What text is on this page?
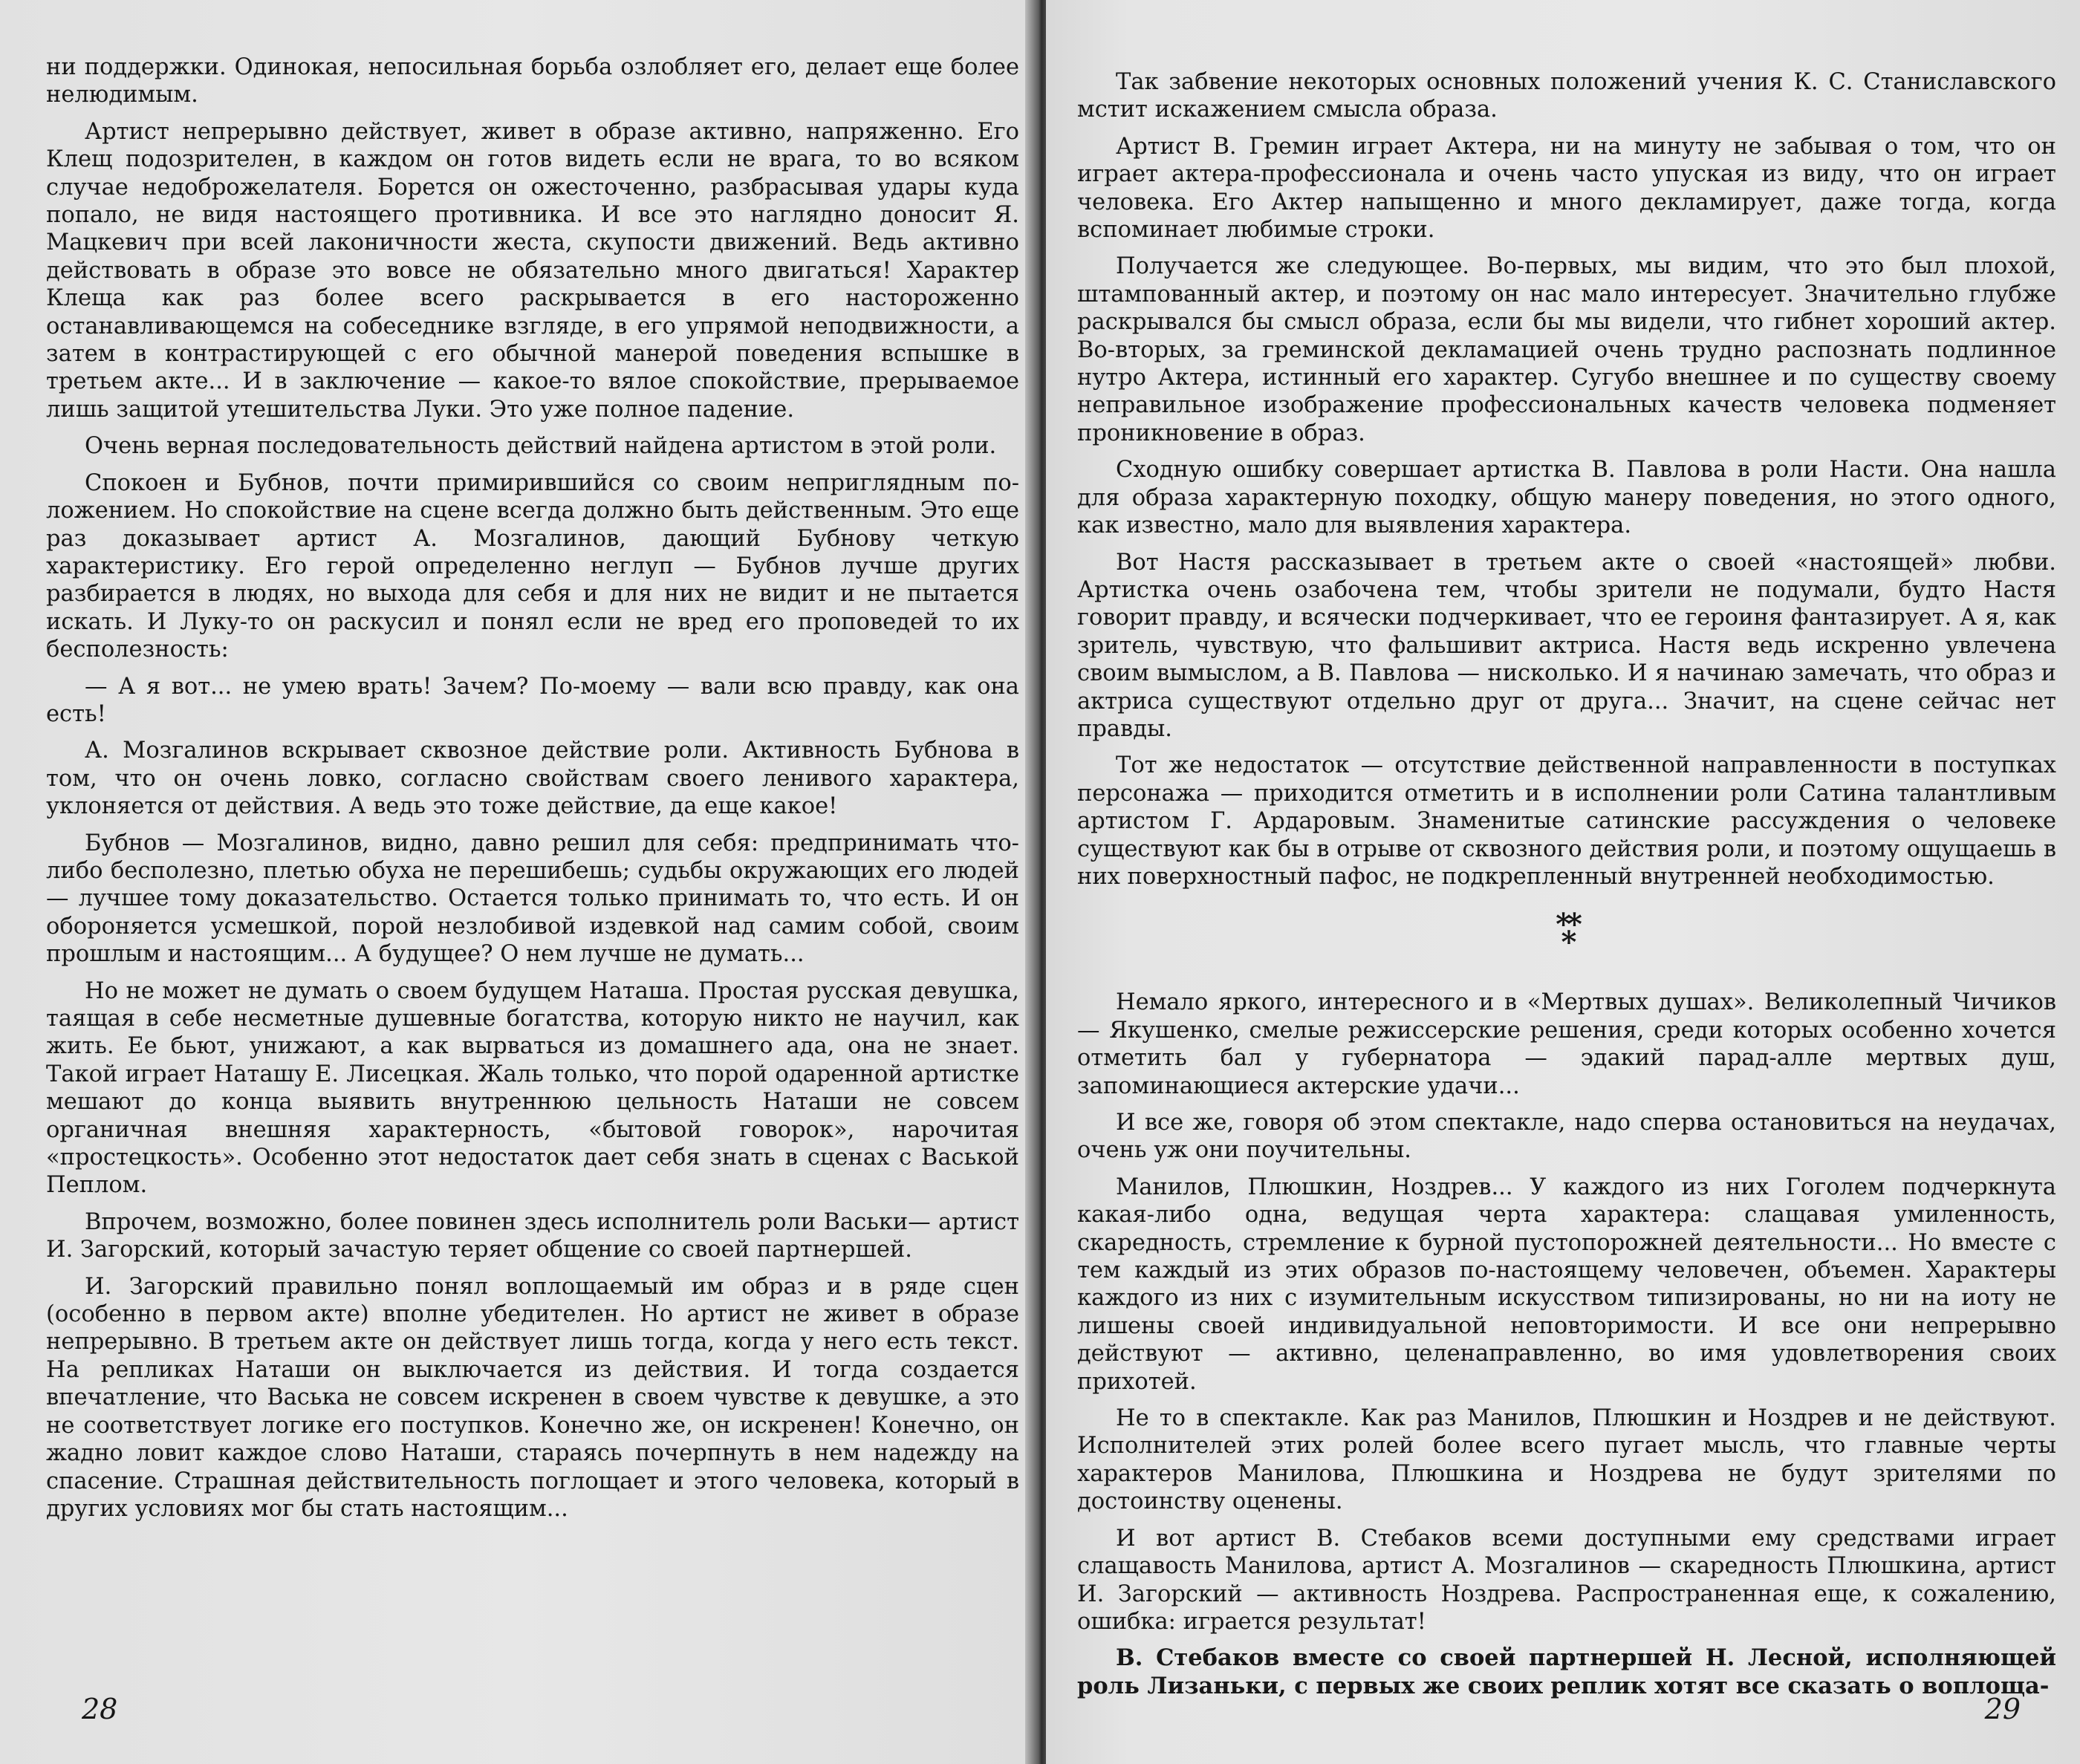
ни поддержки. Одинокая, непосильная борьба озлобляет его, делает еще более нелюдимым.

Артист непрерывно действует, живет в образе активно, напряженно. Его Клещ подозрителен, в каждом он готов видеть если не врага, то во всяком случае недоброжелателя. Борется он ожесточенно, разбрасывая удары куда попало, не видя настоящего противника. И все это наглядно доносит Я. Мацкевич при всей лаконичности жеста, скупости движений. Ведь активно действовать в образе это вовсе не обязательно много двигаться! Характер Клеща как раз более всего раскрывается в его настороженно останавливающемся на собеседнике взгляде, в его упрямой неподвижности, а затем в контрастирующей с его обычной манерой поведения вспышке в третьем акте... И в заключение — какое-то вялое спокойствие, прерываемое лишь защитой утешительства Луки. Это уже полное падение.

Очень верная последовательность действий найдена артистом в этой роли.

Спокоен и Бубнов, почти примирившийся со своим неприглядным положением. Но спокойствие на сцене всегда должно быть действенным. Это еще раз доказывает артист А. Мозгалинов, дающий Бубнову четкую характеристику. Его герой определенно неглуп — Бубнов лучше других разбирается в людях, но выхода для себя и для них не видит и не пытается искать. И Луку-то он раскусил и понял если не вред его проповедей то их бесполезность:

— А я вот... не умею врать! Зачем? По-моему — вали всю правду, как она есть!

А. Мозгалинов вскрывает сквозное действие роли. Активность Бубнова в том, что он очень ловко, согласно свойствам своего ленивого характера, уклоняется от действия. А ведь это тоже действие, да еще какое!

Бубнов — Мозгалинов, видно, давно решил для себя: предпринимать что-либо бесполезно, плетью обуха не перешибешь; судьбы окружающих его людей — лучшее тому доказательство. Остается только принимать то, что есть. И он обороняется усмешкой, порой незлобивой издевкой над самим собой, своим прошлым и настоящим... А будущее? О нем лучше не думать...

Но не может не думать о своем будущем Наташа. Простая русская девушка, таящая в себе несметные душевные богатства, которую никто не научил, как жить. Ее бьют, унижают, а как вырваться из домашнего ада, она не знает. Такой играет Наташу Е. Лисецкая. Жаль только, что порой одаренной артистке мешают до конца выявить внутреннюю цельность Наташи не совсем органичная внешняя характерность, «бытовой говорок», нарочитая «простецкость». Особенно этот недостаток дает себя знать в сценах с Васькой Пеплом.

Впрочем, возможно, более повинен здесь исполнитель роли Васьки— артист И. Загорский, который зачастую теряет общение со своей партнершей.

И. Загорский правильно понял воплощаемый им образ и в ряде сцен (особенно в первом акте) вполне убедителен. Но артист не живет в образе непрерывно. В третьем акте он действует лишь тогда, когда у него есть текст. На репликах Наташи он выключается из действия. И тогда создается впечатление, что Васька не совсем искренен в своем чувстве к девушке, а это не соответствует логике его поступков. Конечно же, он искренен! Конечно, он жадно ловит каждое слово Наташи, стараясь почерпнуть в нем надежду на спасение. Страшная действительность поглощает и этого человека, который в других условиях мог бы стать настоящим...

28

Так забвение некоторых основных положений учения К. С. Станиславского мстит искажением смысла образа.

Артист В. Гремин играет Актера, ни на минуту не забывая о том, что он играет актера-профессионала и очень часто упуская из виду, что он играет человека. Его Актер напыщенно и много декламирует, даже тогда, когда вспоминает любимые строки.

Получается же следующее. Во-первых, мы видим, что это был плохой, штампованный актер, и поэтому он нас мало интересует. Значительно глубже раскрывался бы смысл образа, если бы мы видели, что гибнет хороший актер. Во-вторых, за греминской декламацией очень трудно распознать подлинное нутро Актера, истинный его характер. Сугубо внешнее и по существу своему неправильное изображение профессиональных качеств человека подменяет проникновение в образ.

Сходную ошибку совершает артистка В. Павлова в роли Насти. Она нашла для образа характерную походку, общую манеру поведения, но этого одного, как известно, мало для выявления характера.

Вот Настя рассказывает в третьем акте о своей «настоящей» любви. Артистка очень озабочена тем, чтобы зрители не подумали, будто Настя говорит правду, и всячески подчеркивает, что ее героиня фантазирует. А я, как зритель, чувствую, что фальшивит актриса. Настя ведь искренно увлечена своим вымыслом, а В. Павлова — нисколько. И я начинаю замечать, что образ и актриса существуют отдельно друг от друга... Значит, на сцене сейчас нет правды.

Тот же недостаток — отсутствие действенной направленности в поступках персонажа — приходится отметить и в исполнении роли Сатина талантливым артистом Г. Ардаровым. Знаменитые сатинские рассуждения о человеке существуют как бы в отрыве от сквозного действия роли, и поэтому ощущаешь в них поверхностный пафос, не подкрепленный внутренней необходимостью.

**
*

Немало яркого, интересного и в «Мертвых душах». Великолепный Чичиков — Якушенко, смелые режиссерские решения, среди которых особенно хочется отметить бал у губернатора — эдакий парад-алле мертвых душ, запоминающиеся актерские удачи...

И все же, говоря об этом спектакле, надо сперва остановиться на неудачах, очень уж они поучительны.

Манилов, Плюшкин, Ноздрев... У каждого из них Гоголем подчеркнута какая-либо одна, ведущая черта характера: слащавая умиленность, скаредность, стремление к бурной пустопорожней деятельности... Но вместе с тем каждый из этих образов по-настоящему человечен, объемен. Характеры каждого из них с изумительным искусством типизированы, но ни на иоту не лишены своей индивидуальной неповторимости. И все они непрерывно действуют — активно, целенаправленно, во имя удовлетворения своих прихотей.

Не то в спектакле. Как раз Манилов, Плюшкин и Ноздрев и не действуют. Исполнителей этих ролей более всего пугает мысль, что главные черты характеров Манилова, Плюшкина и Ноздрева не будут зрителями по достоинству оценены.

И вот артист В. Стебаков всеми доступными ему средствами играет слащавость Манилова, артист А. Мозгалинов — скаредность Плюшкина, артист И. Загорский — активность Ноздрева. Распространенная еще, к сожалению, ошибка: играется результат!

В. Стебаков вместе со своей партнершей Н. Лесной, исполняющей роль Лизаньки, с первых же своих реплик хотят все сказать о воплоща-

29
